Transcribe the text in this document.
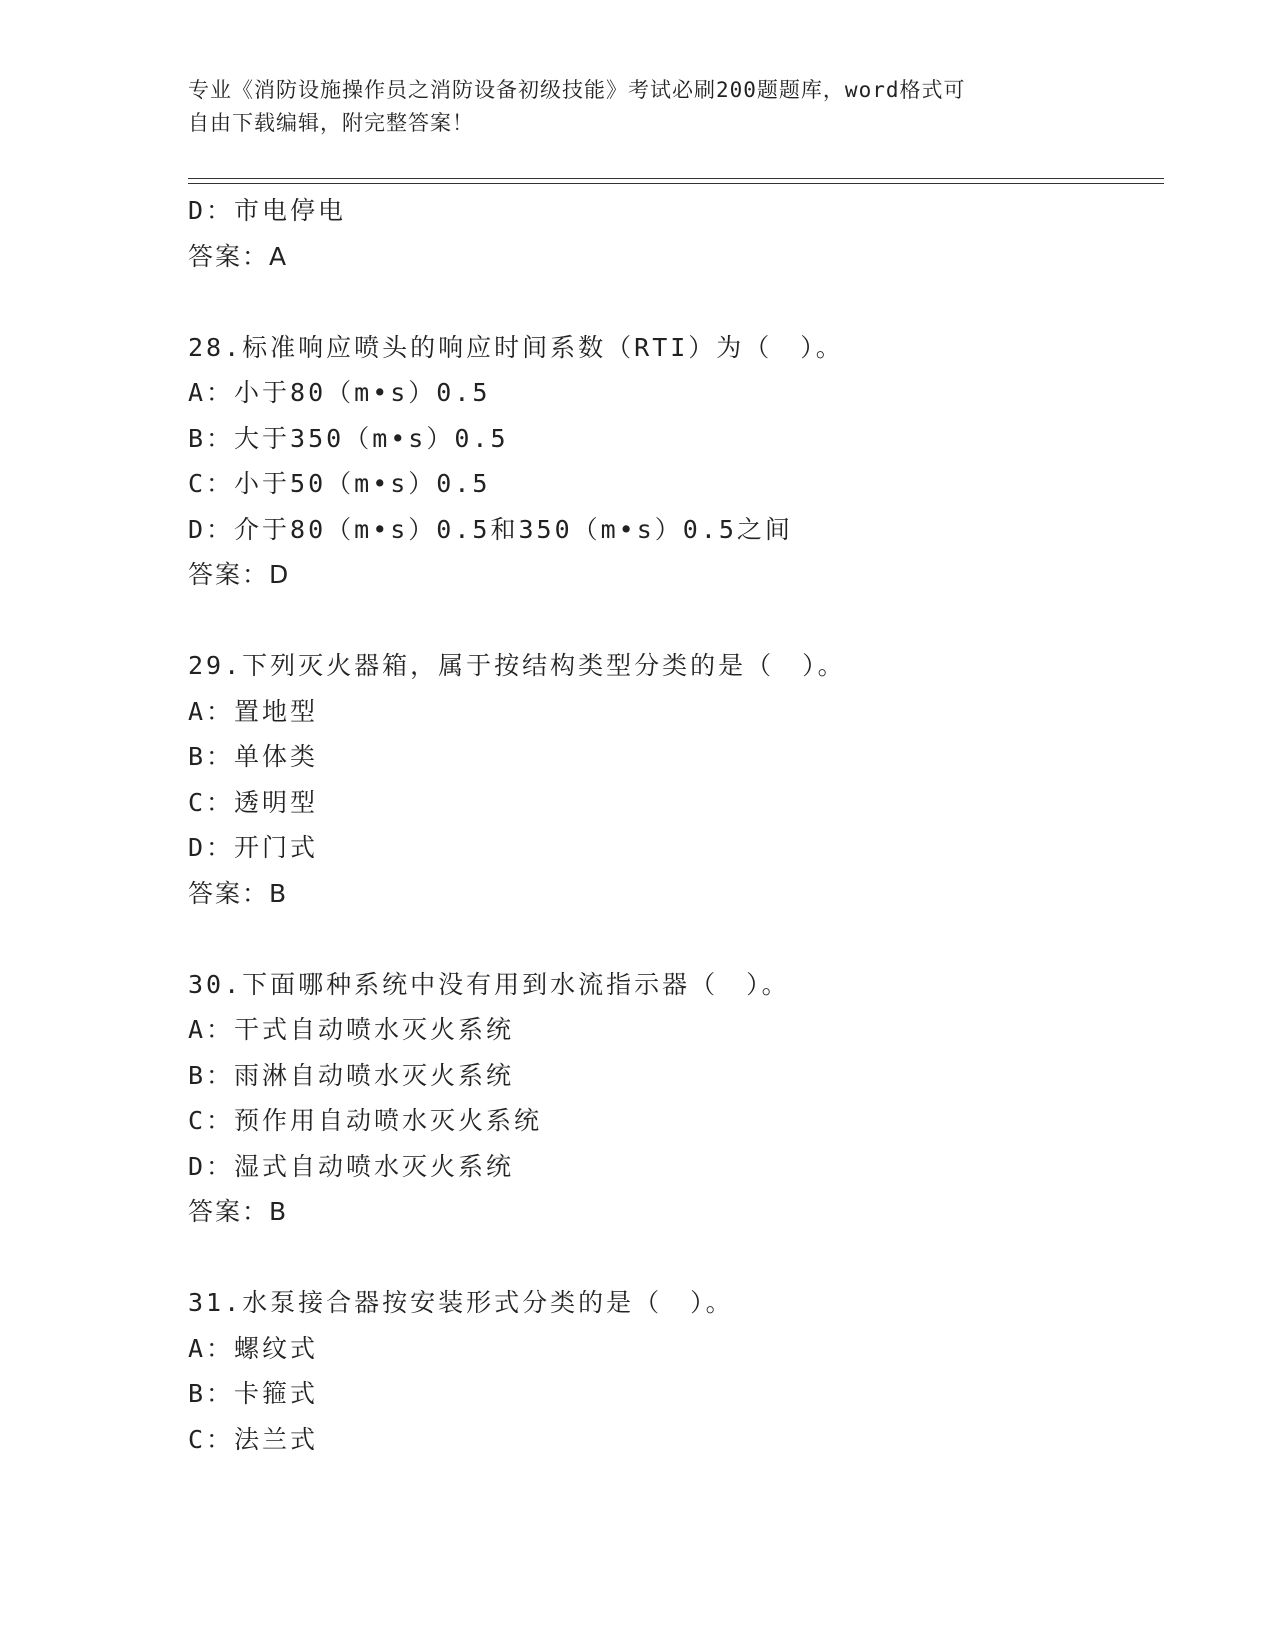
专业《消防设施操作员之消防设备初级技能》考试必刷200题题库，word格式可
自由下载编辑，附完整答案！
D：市电停电
答案：A
28.标准响应喷头的响应时间系数（RTI）为（　）。
A：小于80（m•s）0.5
B：大于350（m•s）0.5
C：小于50（m•s）0.5
D：介于80（m•s）0.5和350（m•s）0.5之间
答案：D
29.下列灭火器箱，属于按结构类型分类的是（　）。
A：置地型
B：单体类
C：透明型
D：开门式
答案：B
30.下面哪种系统中没有用到水流指示器（　）。
A：干式自动喷水灭火系统
B：雨淋自动喷水灭火系统
C：预作用自动喷水灭火系统
D：湿式自动喷水灭火系统
答案：B
31.水泵接合器按安装形式分类的是（　）。
A：螺纹式
B：卡箍式
C：法兰式
